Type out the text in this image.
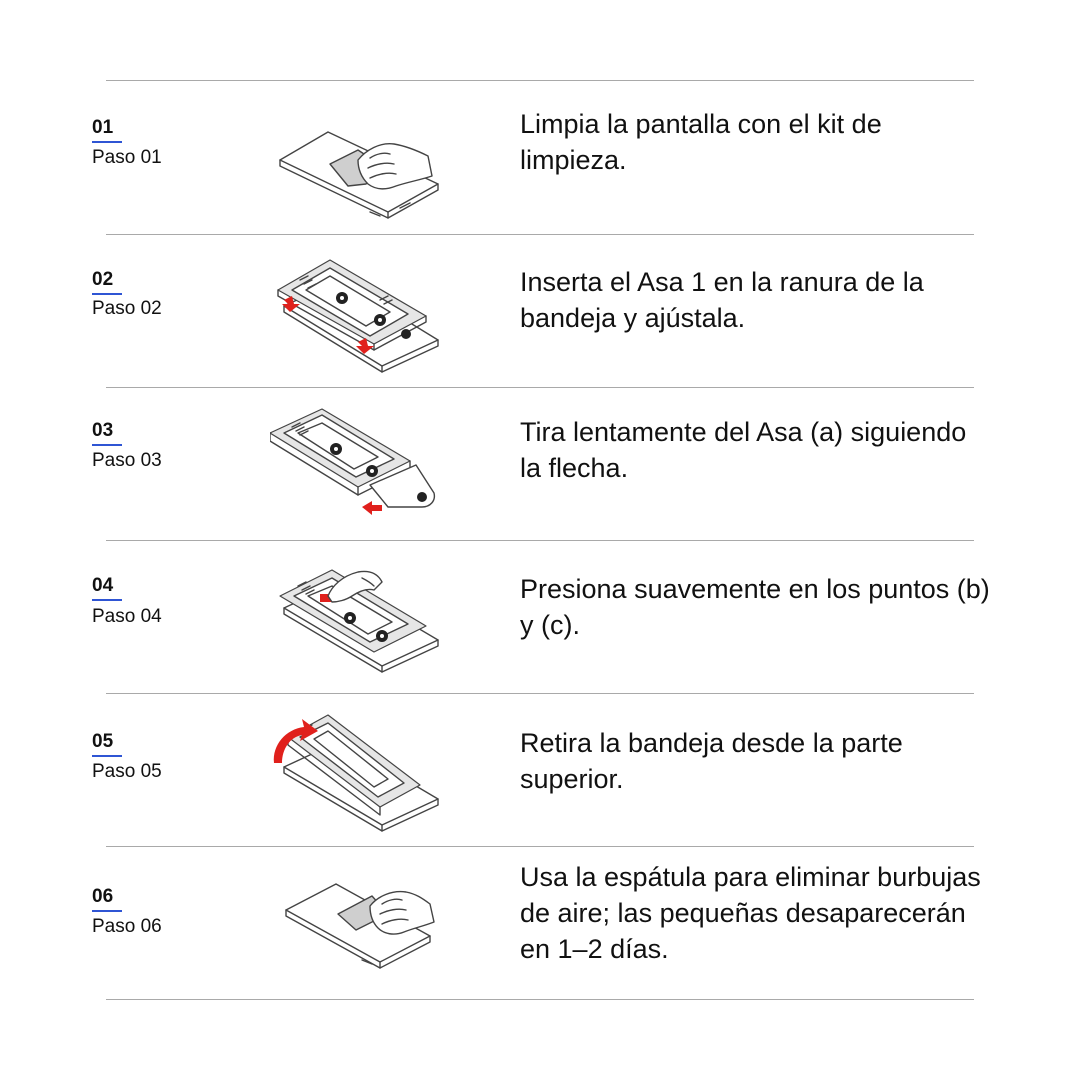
01
Paso 01
Limpia la pantalla con el kit de limpieza.
02
Paso 02
Inserta el Asa 1 en la ranura de la bandeja y ajústala.
03
Paso 03
Tira lentamente del Asa (a) siguiendo la flecha.
04
Paso 04
Presiona suavemente en los puntos (b) y (c).
05
Paso 05
Retira la bandeja desde la parte superior.
06
Paso 06
Usa la espátula para eliminar burbujas de aire; las pequeñas desaparecerán en 1–2 días.
